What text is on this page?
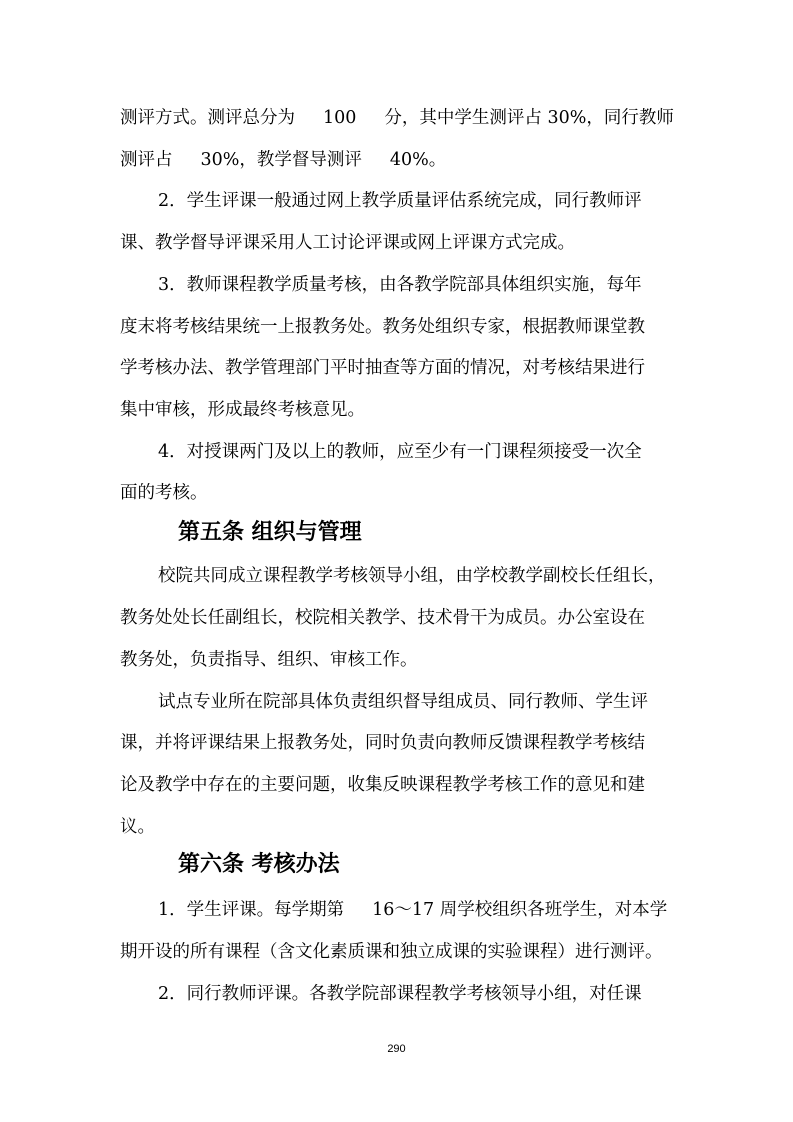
测评方式。测评总分为 100 分，其中学生测评占 30%，同行教师
测评占 30%，教学督导测评 40%。
2．学生评课一般通过网上教学质量评估系统完成，同行教师评
课、教学督导评课采用人工讨论评课或网上评课方式完成。
3．教师课程教学质量考核，由各教学院部具体组织实施，每年
度末将考核结果统一上报教务处。教务处组织专家，根据教师课堂教
学考核办法、教学管理部门平时抽查等方面的情况，对考核结果进行
集中审核，形成最终考核意见。
4．对授课两门及以上的教师，应至少有一门课程须接受一次全
面的考核。
第五条 组织与管理
校院共同成立课程教学考核领导小组，由学校教学副校长任组长，
教务处处长任副组长，校院相关教学、技术骨干为成员。办公室设在
教务处，负责指导、组织、审核工作。
试点专业所在院部具体负责组织督导组成员、同行教师、学生评
课，并将评课结果上报教务处，同时负责向教师反馈课程教学考核结
论及教学中存在的主要问题，收集反映课程教学考核工作的意见和建
议。
第六条 考核办法
1．学生评课。每学期第 16～17 周学校组织各班学生，对本学
期开设的所有课程（含文化素质课和独立成课的实验课程）进行测评。
2．同行教师评课。各教学院部课程教学考核领导小组，对任课
290
